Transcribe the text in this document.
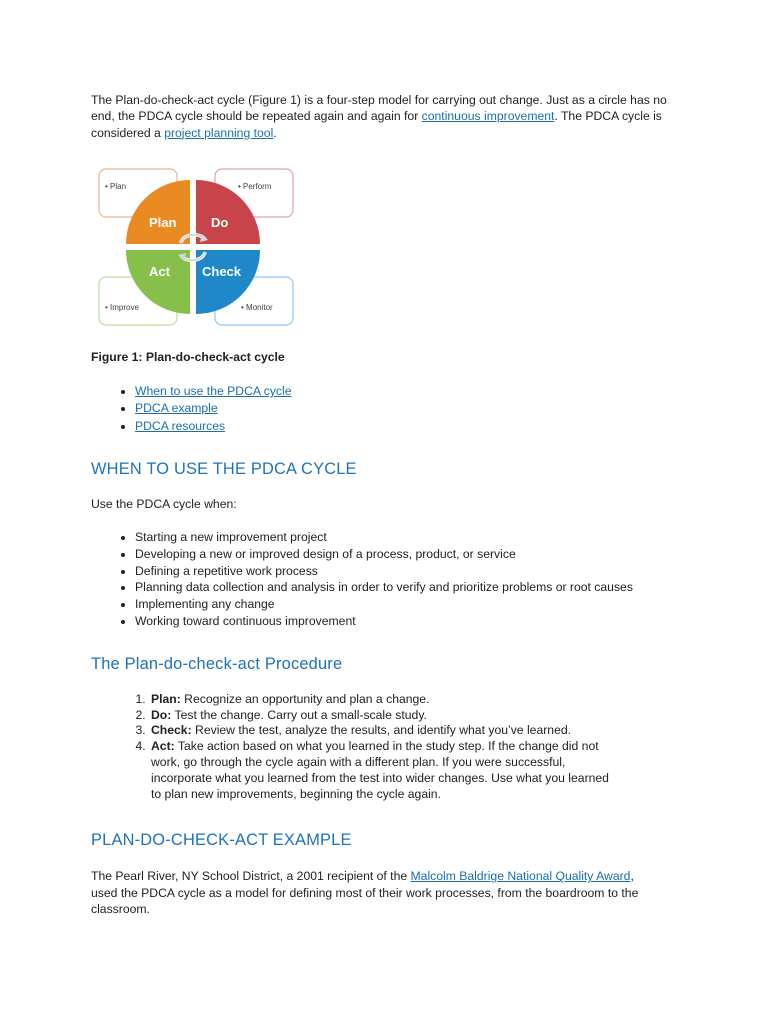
The Plan-do-check-act cycle (Figure 1) is a four-step model for carrying out change. Just as a circle has no end, the PDCA cycle should be repeated again and again for continuous improvement. The PDCA cycle is considered a project planning tool.

• Plan	• Perform
• Improve	• Monitor
Plan	Do
Act Check

Figure 1: Plan-do-check-act cycle

• When to use the PDCA cycle
• PDCA example
• PDCA resources
WHEN TO USE THE PDCA CYCLE

Use the PDCA cycle when:

• Starting a new improvement project
• Developing a new or improved design of a process, product, or service
• Defining a repetitive work process
• Planning data collection and analysis in order to verify and prioritize problems or root causes
• Implementing any change
• Working toward continuous improvement
The Plan-do-check-act Procedure
1. Plan: Recognize an opportunity and plan a change.
2. Do: Test the change. Carry out a small-scale study.
3. Check: Review the test, analyze the results, and identify what you’ve learned.
4. Act: Take action based on what you learned in the study step. If the change did not work, go through the cycle again with a different plan. If you were successful, incorporate what you learned from the test into wider changes. Use what you learned to plan new improvements, beginning the cycle again.
PLAN-DO-CHECK-ACT EXAMPLE

The Pearl River, NY School District, a 2001 recipient of the Malcolm Baldrige National Quality Award, used the PDCA cycle as a model for defining most of their work processes, from the boardroom to the classroom.
